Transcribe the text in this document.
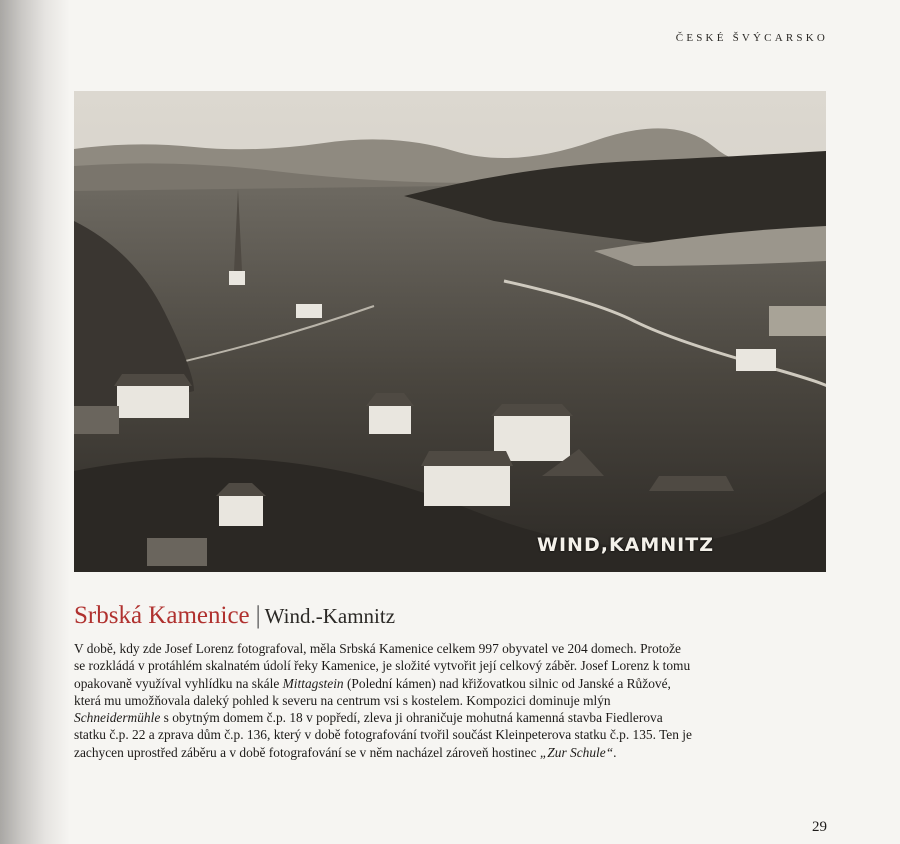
ČESKÉ ŠVÝCARSKO
WIND,KAMNITZ
Srbská Kamenice | Wind.-Kamnitz

V době, kdy zde Josef Lorenz fotografoval, měla Srbská Kamenice celkem 997 obyvatel ve 204 domech. Protože se rozkládá v protáhlém skalnatém údolí řeky Kamenice, je složité vytvořit její celkový záběr. Josef Lorenz k tomu opakovaně využíval vyhlídku na skále Mittagstein (Polední kámen) nad křižovatkou silnic od Janské a Růžové, která mu umožňovala daleký pohled k severu na centrum vsi s kostelem. Kompozici dominuje mlýn Schneidermühle s obytným domem č.p. 18 v popředí, zleva ji ohraničuje mohutná kamenná stavba Fiedlerova statku č.p. 22 a zprava dům č.p. 136, který v době fotografování tvořil součást Kleinpeterova statku č.p. 135. Ten je zachycen uprostřed záběru a v době fotografování se v něm nacházel zároveň hostinec „Zur Schule“.

29
